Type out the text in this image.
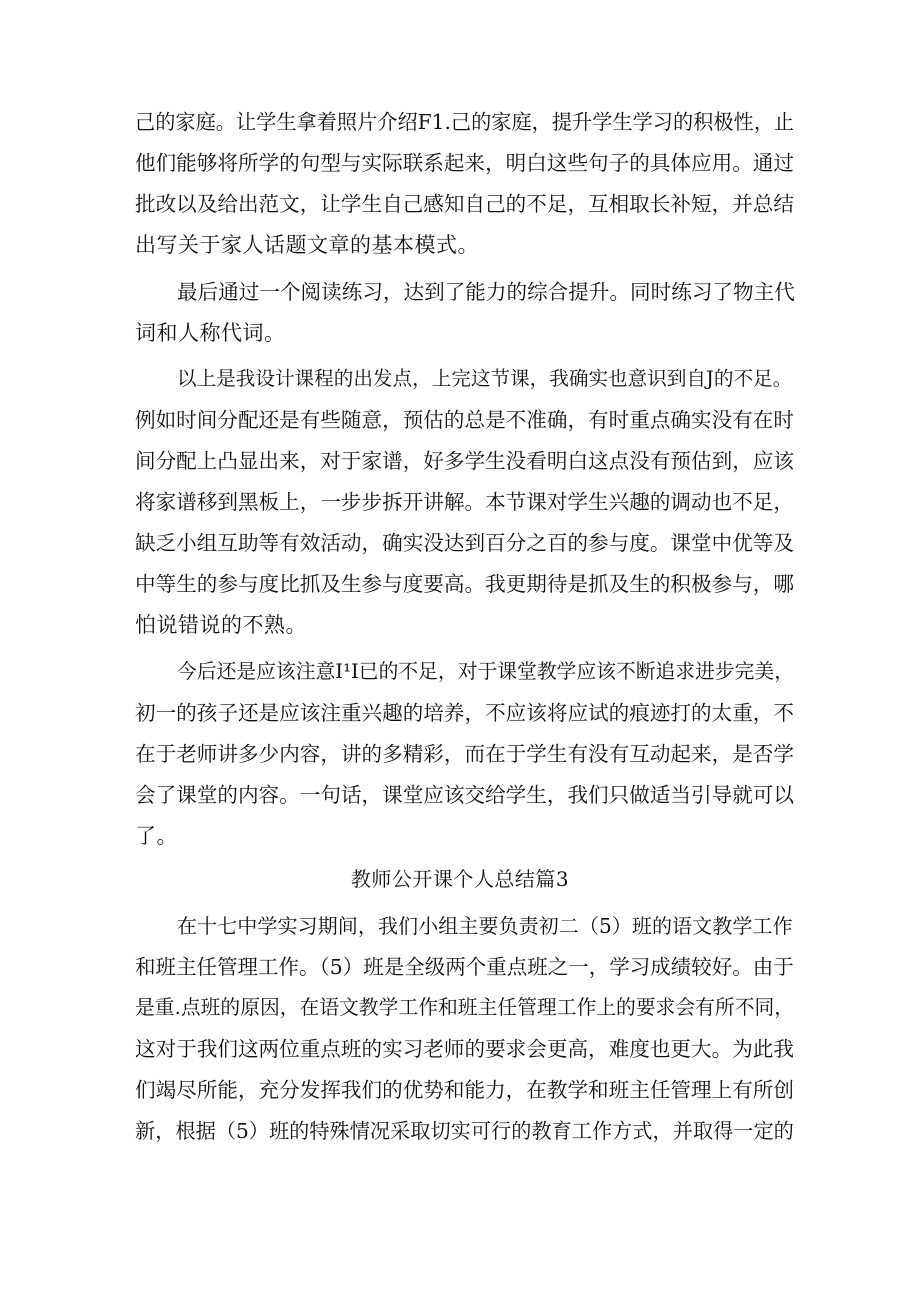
己的家庭。让学生拿着照片介绍F1.己的家庭，提升学生学习的积极性，止
他们能够将所学的句型与实际联系起来，明白这些句子的具体应用。通过
批改以及给出范文，让学生自己感知自己的不足，互相取长补短，并总结
出写关于家人话题文章的基本模式。
最后通过一个阅读练习，达到了能力的综合提升。同时练习了物主代
词和人称代词。
以上是我设计课程的出发点，上完这节课，我确实也意识到自J的不足。
例如时间分配还是有些随意，预估的总是不准确，有时重点确实没有在时
间分配上凸显出来，对于家谱，好多学生没看明白这点没有预估到，应该
将家谱移到黑板上，一步步拆开讲解。本节课对学生兴趣的调动也不足，
缺乏小组互助等有效活动，确实没达到百分之百的参与度。课堂中优等及
中等生的参与度比抓及生参与度要高。我更期待是抓及生的积极参与，哪
怕说错说的不熟。
今后还是应该注意I¹I已的不足，对于课堂教学应该不断追求进步完美，
初一的孩子还是应该注重兴趣的培养，不应该将应试的痕迹打的太重，不
在于老师讲多少内容，讲的多精彩，而在于学生有没有互动起来，是否学
会了课堂的内容。一句话，课堂应该交给学生，我们只做适当引导就可以
了。
教师公开课个人总结篇3
在十七中学实习期间，我们小组主要负责初二（5）班的语文教学工作
和班主任管理工作。（5）班是全级两个重点班之一，学习成绩较好。由于
是重.点班的原因，在语文教学工作和班主任管理工作上的要求会有所不同，
这对于我们这两位重点班的实习老师的要求会更高，难度也更大。为此我
们竭尽所能，充分发挥我们的优势和能力，在教学和班主任管理上有所创
新，根据（5）班的特殊情况采取切实可行的教育工作方式，并取得一定的
